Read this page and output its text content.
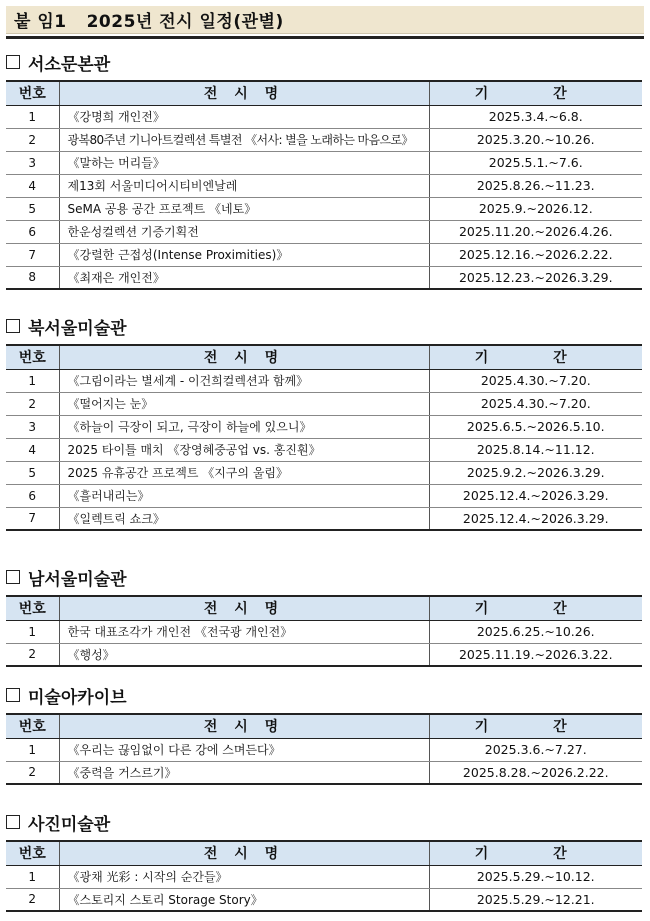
붙 임1 2025년 전시 일정(관별)
서소문본관
번호	전 시 명	기 간
1	《강명희 개인전》	2025.3.4.~6.8.
2	광복80주년 기니아트컬렉션 특별전 《서사: 별을 노래하는 마음으로》	2025.3.20.~10.26.
3	《말하는 머리들》	2025.5.1.~7.6.
4	제13회 서울미디어시티비엔날레	2025.8.26.~11.23.
5	SeMA 공용 공간 프로젝트 《네토》	2025.9.~2026.12.
6	한운성컬렉션 기증기획전	2025.11.20.~2026.4.26.
7	《강렬한 근접성(Intense Proximities)》	2025.12.16.~2026.2.22.
8	《최재은 개인전》	2025.12.23.~2026.3.29.
북서울미술관
번호	전 시 명	기 간
1	《그림이라는 별세계 - 이건희컬렉션과 함께》	2025.4.30.~7.20.
2	《떨어지는 눈》	2025.4.30.~7.20.
3	《하늘이 극장이 되고, 극장이 하늘에 있으니》	2025.6.5.~2026.5.10.
4	2025 타이틀 매치 《장영혜중공업 vs. 홍진훤》	2025.8.14.~11.12.
5	2025 유휴공간 프로젝트 《지구의 울림》	2025.9.2.~2026.3.29.
6	《흘러내리는》	2025.12.4.~2026.3.29.
7	《일렉트릭 쇼크》	2025.12.4.~2026.3.29.
남서울미술관
번호	전 시 명	기 간
1	한국 대표조각가 개인전 《전국광 개인전》	2025.6.25.~10.26.
2	《행성》	2025.11.19.~2026.3.22.
미술아카이브
번호	전 시 명	기 간
1	《우리는 끊임없이 다른 강에 스며든다》	2025.3.6.~7.27.
2	《중력을 거스르기》	2025.8.28.~2026.2.22.
사진미술관
번호	전 시 명	기 간
1	《광채 光彩 : 시작의 순간들》	2025.5.29.~10.12.
2	《스토리지 스토리 Storage Story》	2025.5.29.~12.21.
